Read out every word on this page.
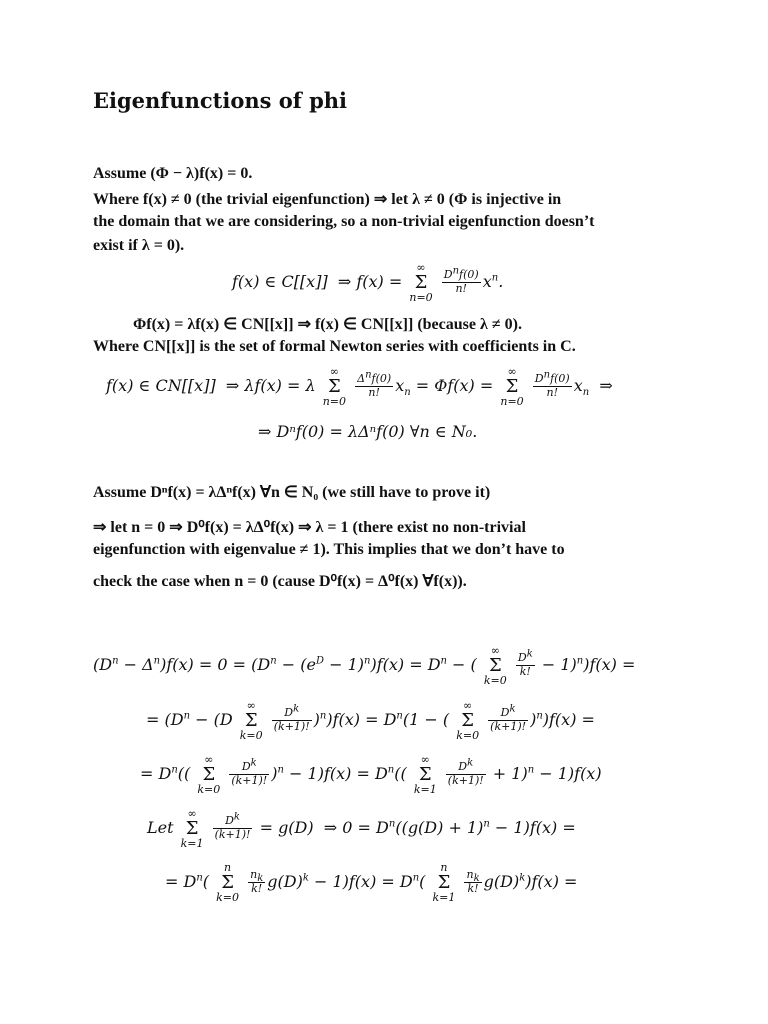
Eigenfunctions of phi
Assume (Φ − λ)f(x) = 0.
Where f(x) ≠ 0 (the trivial eigenfunction) ⇒ let λ ≠ 0 (Φ is injective in
the domain that we are considering, so a non-trivial eigenfunction doesn’t
exist if λ = 0).
f(x) ∈ C[[x]]  ⇒ f(x) = ∞
Σ
n=0
$\frac{D^nf(0)}{n!} x^n$.
Φf(x) = λf(x) ∈ CN[[x]] ⇒ f(x) ∈ CN[[x]] (because λ ≠ 0).
Where CN[[x]] is the set of formal Newton series with coefficients in C.
f(x) ∈ CN[[x]]  ⇒ λf(x) = λ ∞
Σ
n=0
$\frac{\Delta^nf(0)}{n!} x_n = \Phi f(x)$ = ∞
Σ
n=0
$\frac{D^nf(0)}{n!} x_n$  ⇒
⇒ Dⁿf(0) = λΔⁿf(0) ∀n ∈ N₀.
Assume Dⁿf(x) = λΔⁿf(x) ∀n ∈ N₀ (we still have to prove it)
⇒ let n = 0 ⇒ D⁰f(x) = λΔ⁰f(x) ⇒ λ = 1 (there exist no non-trivial
eigenfunction with eigenvalue ≠ 1). This implies that we don’t have to
check the case when n = 0 (cause D⁰f(x) = Δ⁰f(x) ∀f(x)).
$(D^n - \Delta^n)f(x) = 0 = (D^n - (e^D - 1)^n)f(x) = D^n$ − ( ∞
Σ
k=0
$\frac{D^k}{k!} - 1)^n)f(x)$ =
= ($D^n - (D$ ∞
Σ
k=0
$\frac{D^k}{(k+1)!} )^n)f(x) = D^n(1$ − ( ∞
Σ
k=0
$\frac{D^k}{(k+1)!} )^n)f(x)$ =
= $D^n$(( ∞
Σ
k=0
$\frac{D^k}{(k+1)!} )^n - 1)f(x) = D^n$(( ∞
Σ
k=1
$\frac{D^k}{(k+1)!} + 1)^n - 1)f(x)$
Let ∞
Σ
k=1
$\frac{D^k}{(k+1)!} = g(D)$  ⇒ $0 = D^n((g(D) + 1)^n - 1)f(x)$ =
= $D^n$( n
Σ
k=0
$\frac{n_k}{k!} g(D)^k - 1)f(x) = D^n$( n
Σ
k=1
$\frac{n_k}{k!} g(D)^k)f(x)$ =
